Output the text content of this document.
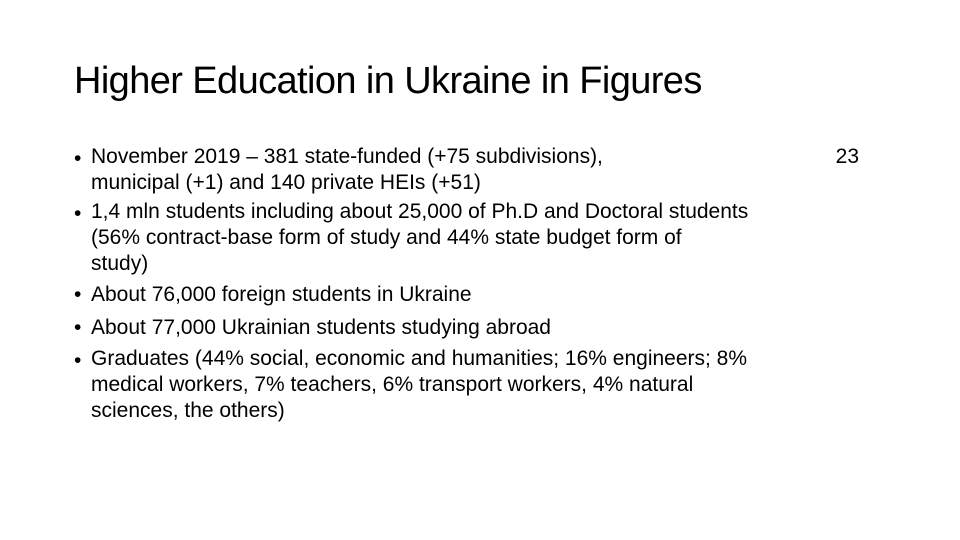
Higher Education in Ukraine in Figures
• November 2019 – 381 state-funded (+75 subdivisions),	23
municipal (+1) and 140 private HEIs (+51)
• 1,4 mln students including about 25,000 of Ph.D and Doctoral students
(56% contract-base form of study and 44% state budget form of
study)
• About 76,000 foreign students in Ukraine
• About 77,000 Ukrainian students studying abroad
• Graduates (44% social, economic and humanities; 16% engineers; 8%
medical workers, 7% teachers, 6% transport workers, 4% natural
sciences, the others)
